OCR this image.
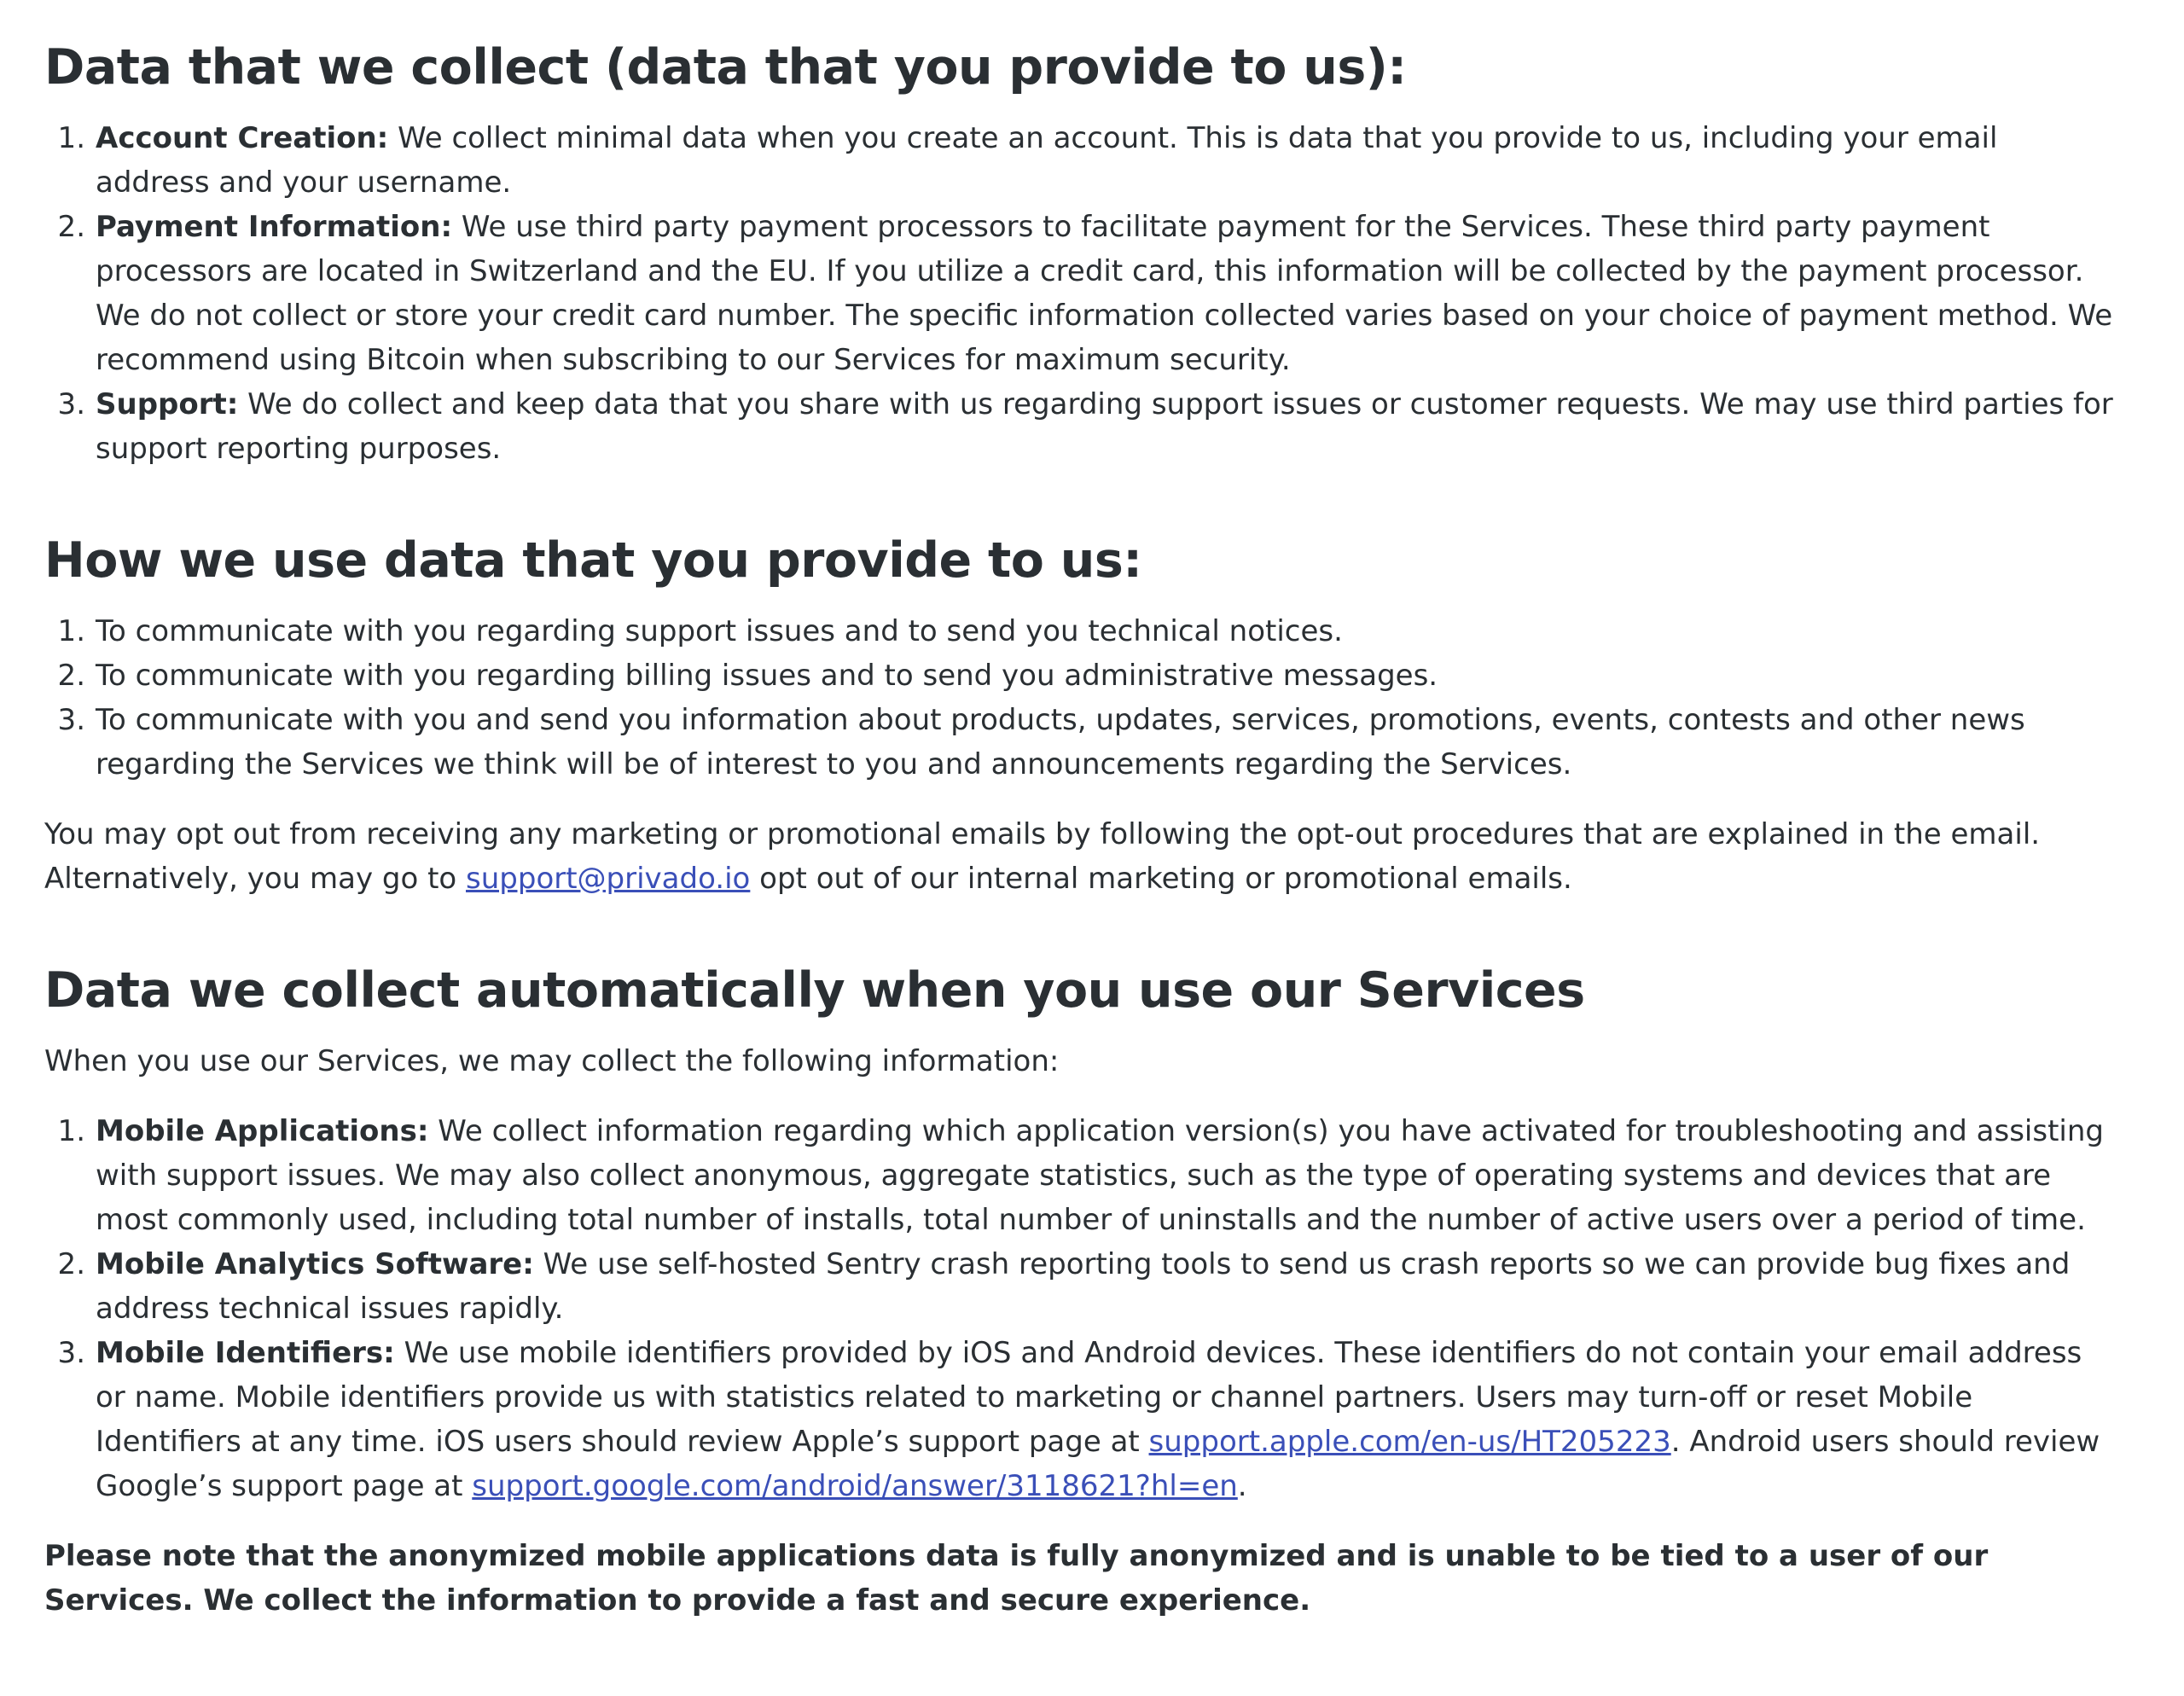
Data that we collect (data that you provide to us):
Account Creation: We collect minimal data when you create an account. This is data that you provide to us, including your email address and your username.
Payment Information: We use third party payment processors to facilitate payment for the Services. These third party payment processors are located in Switzerland and the EU. If you utilize a credit card, this information will be collected by the payment processor. We do not collect or store your credit card number. The specific information collected varies based on your choice of payment method. We recommend using Bitcoin when subscribing to our Services for maximum security.
Support: We do collect and keep data that you share with us regarding support issues or customer requests. We may use third parties for support reporting purposes.
How we use data that you provide to us:
To communicate with you regarding support issues and to send you technical notices.
To communicate with you regarding billing issues and to send you administrative messages.
To communicate with you and send you information about products, updates, services, promotions, events, contests and other news regarding the Services we think will be of interest to you and announcements regarding the Services.

You may opt out from receiving any marketing or promotional emails by following the opt-out procedures that are explained in the email. Alternatively, you may go to support@privado.io opt out of our internal marketing or promotional emails.

Data we collect automatically when you use our Services

When you use our Services, we may collect the following information:

Mobile Applications: We collect information regarding which application version(s) you have activated for troubleshooting and assisting with support issues. We may also collect anonymous, aggregate statistics, such as the type of operating systems and devices that are most commonly used, including total number of installs, total number of uninstalls and the number of active users over a period of time.
Mobile Analytics Software: We use self-hosted Sentry crash reporting tools to send us crash reports so we can provide bug fixes and address technical issues rapidly.
Mobile Identifiers: We use mobile identifiers provided by iOS and Android devices. These identifiers do not contain your email address or name. Mobile identifiers provide us with statistics related to marketing or channel partners. Users may turn-off or reset Mobile Identifiers at any time. iOS users should review Apple’s support page at support.apple.com/en-us/HT205223. Android users should review Google’s support page at support.google.com/android/answer/3118621?hl=en.

Please note that the anonymized mobile applications data is fully anonymized and is unable to be tied to a user of our Services. We collect the information to provide a fast and secure experience.
